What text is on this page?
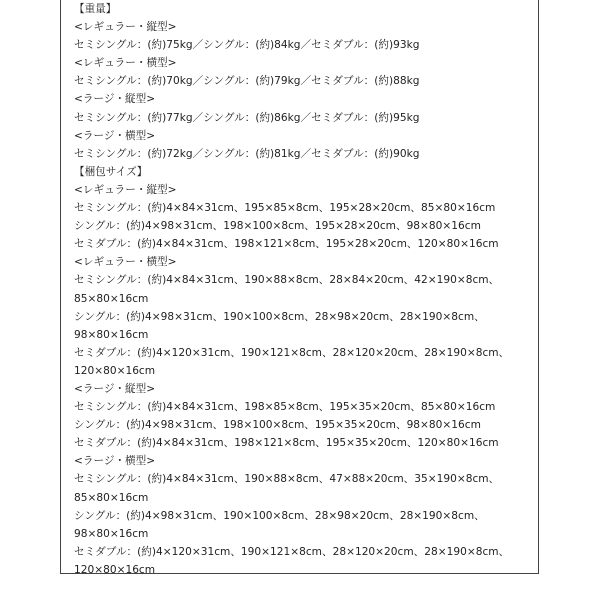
【重量】
<レギュラー・縦型>
セミシングル：(約)75kg／シングル：(約)84kg／セミダブル：(約)93kg
<レギュラー・横型>
セミシングル：(約)70kg／シングル：(約)79kg／セミダブル：(約)88kg
<ラージ・縦型>
セミシングル：(約)77kg／シングル：(約)86kg／セミダブル：(約)95kg
<ラージ・横型>
セミシングル：(約)72kg／シングル：(約)81kg／セミダブル：(約)90kg
【梱包サイズ】
<レギュラー・縦型>
セミシングル：(約)4×84×31cm、195×85×8cm、195×28×20cm、85×80×16cm
シングル：(約)4×98×31cm、198×100×8cm、195×28×20cm、98×80×16cm
セミダブル：(約)4×84×31cm、198×121×8cm、195×28×20cm、120×80×16cm
<レギュラー・横型>
セミシングル：(約)4×84×31cm、190×88×8cm、28×84×20cm、42×190×8cm、
85×80×16cm
シングル：(約)4×98×31cm、190×100×8cm、28×98×20cm、28×190×8cm、
98×80×16cm
セミダブル：(約)4×120×31cm、190×121×8cm、28×120×20cm、28×190×8cm、
120×80×16cm
<ラージ・縦型>
セミシングル：(約)4×84×31cm、198×85×8cm、195×35×20cm、85×80×16cm
シングル：(約)4×98×31cm、198×100×8cm、195×35×20cm、98×80×16cm
セミダブル：(約)4×84×31cm、198×121×8cm、195×35×20cm、120×80×16cm
<ラージ・横型>
セミシングル：(約)4×84×31cm、190×88×8cm、47×88×20cm、35×190×8cm、
85×80×16cm
シングル：(約)4×98×31cm、190×100×8cm、28×98×20cm、28×190×8cm、
98×80×16cm
セミダブル：(約)4×120×31cm、190×121×8cm、28×120×20cm、28×190×8cm、
120×80×16cm
